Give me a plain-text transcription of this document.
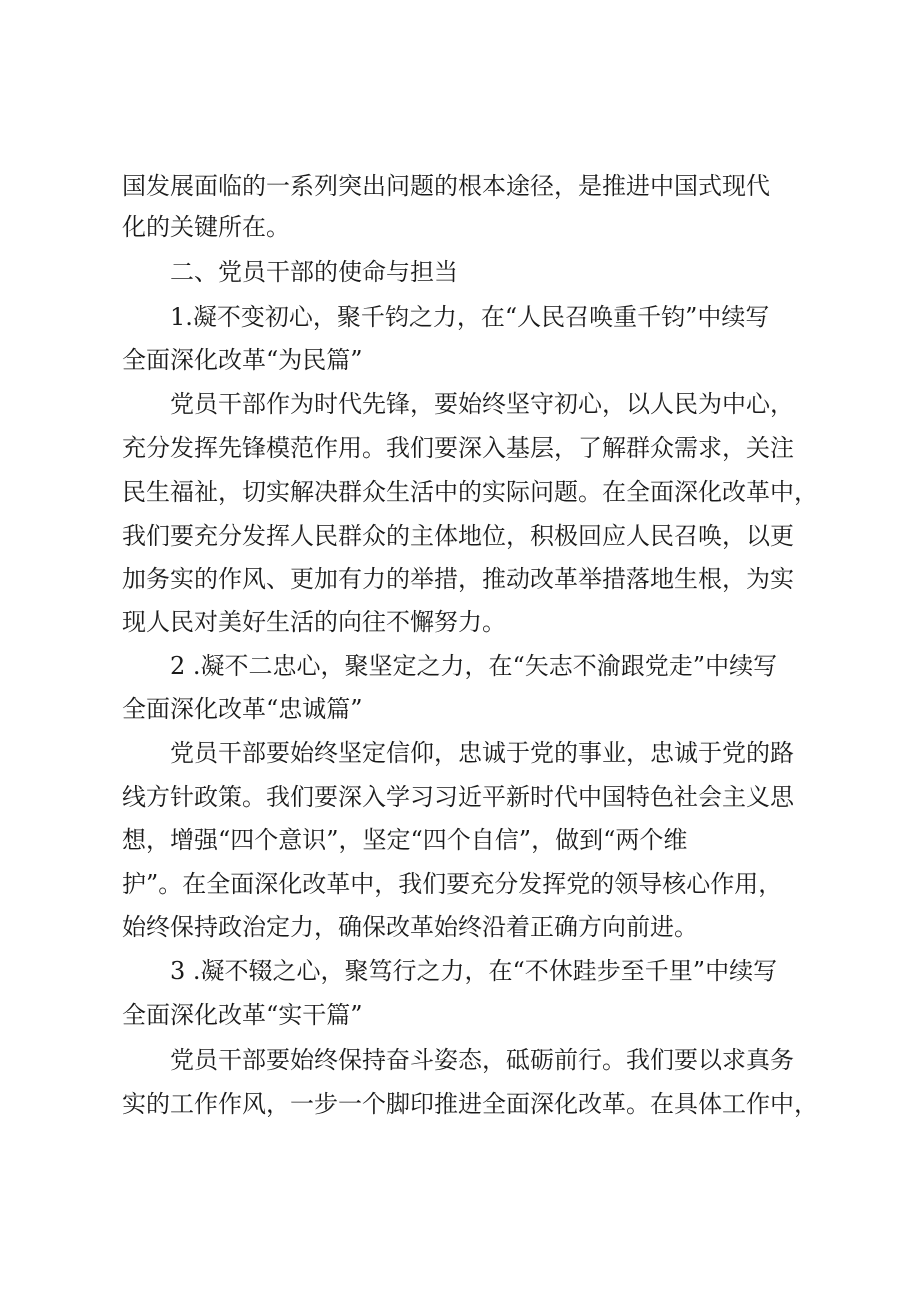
国发展面临的一系列突出问题的根本途径，是推进中国式现代
化的关键所在。
二、党员干部的使命与担当
1.凝不变初心，聚千钧之力，在“人民召唤重千钧”中续写
全面深化改革“为民篇”
党员干部作为时代先锋，要始终坚守初心，以人民为中心，
充分发挥先锋模范作用。我们要深入基层，了解群众需求，关注
民生福祉，切实解决群众生活中的实际问题。在全面深化改革中，
我们要充分发挥人民群众的主体地位，积极回应人民召唤，以更
加务实的作风、更加有力的举措，推动改革举措落地生根，为实
现人民对美好生活的向往不懈努力。
2 .凝不二忠心，聚坚定之力，在“矢志不渝跟党走”中续写
全面深化改革“忠诚篇”
党员干部要始终坚定信仰，忠诚于党的事业，忠诚于党的路
线方针政策。我们要深入学习习近平新时代中国特色社会主义思
想，增强“四个意识”，坚定“四个自信”，做到“两个维
护”。在全面深化改革中，我们要充分发挥党的领导核心作用，
始终保持政治定力，确保改革始终沿着正确方向前进。
3 .凝不辍之心，聚笃行之力，在“不休跬步至千里”中续写
全面深化改革“实干篇”
党员干部要始终保持奋斗姿态，砥砺前行。我们要以求真务
实的工作作风，一步一个脚印推进全面深化改革。在具体工作中，
